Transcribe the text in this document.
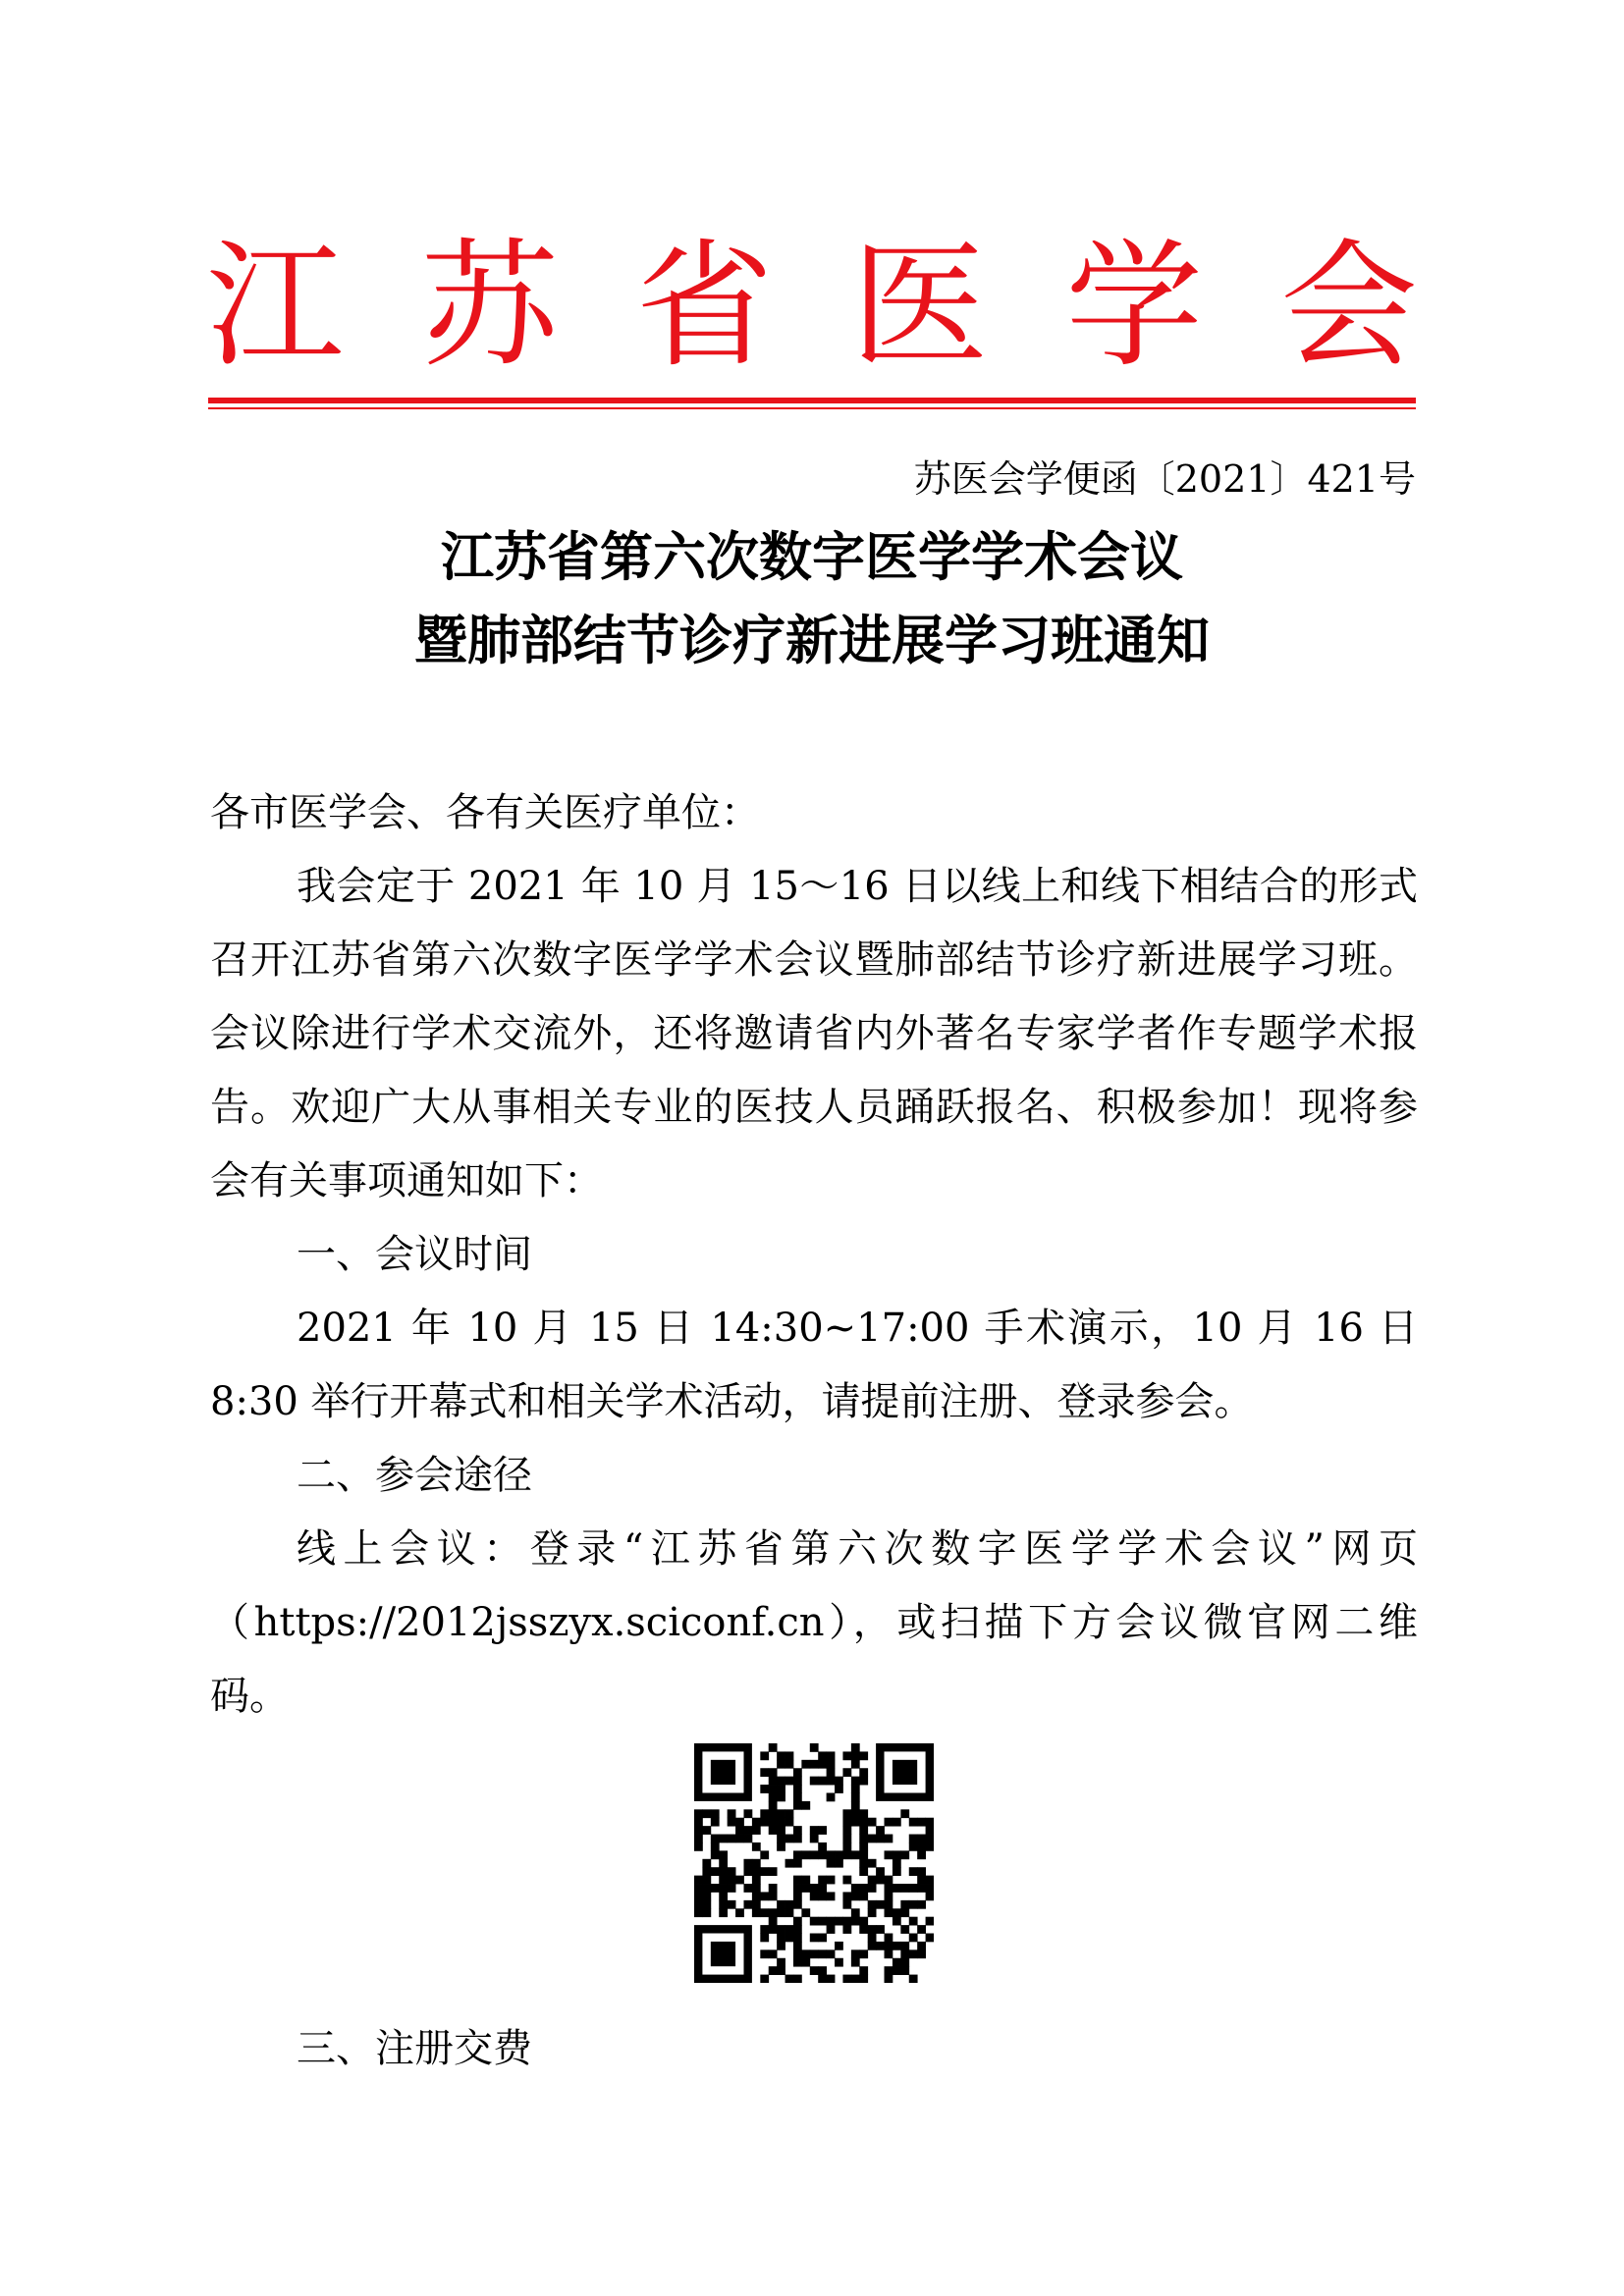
江 苏 省 医 学 会
苏医会学便函〔2021〕421号
江苏省第六次数字医学学术会议
暨肺部结节诊疗新进展学习班通知

各市医学会、各有关医疗单位：

我会定于 2021 年 10 月 15～16 日以线上和线下相结合的形式召开江苏省第六次数字医学学术会议暨肺部结节诊疗新进展学习班。会议除进行学术交流外，还将邀请省内外著名专家学者作专题学术报告。欢迎广大从事相关专业的医技人员踊跃报名、积极参加！现将参会有关事项通知如下：

一、会议时间

2021 年 10 月 15 日 14:30~17:00 手术演示，10 月 16 日 8:30 举行开幕式和相关学术活动，请提前注册、登录参会。

二、参会途径

线上会议：登录“江苏省第六次数字医学学术会议”网页（https://2012jsszyx.sciconf.cn），或扫描下方会议微官网二维码。

三、注册交费
